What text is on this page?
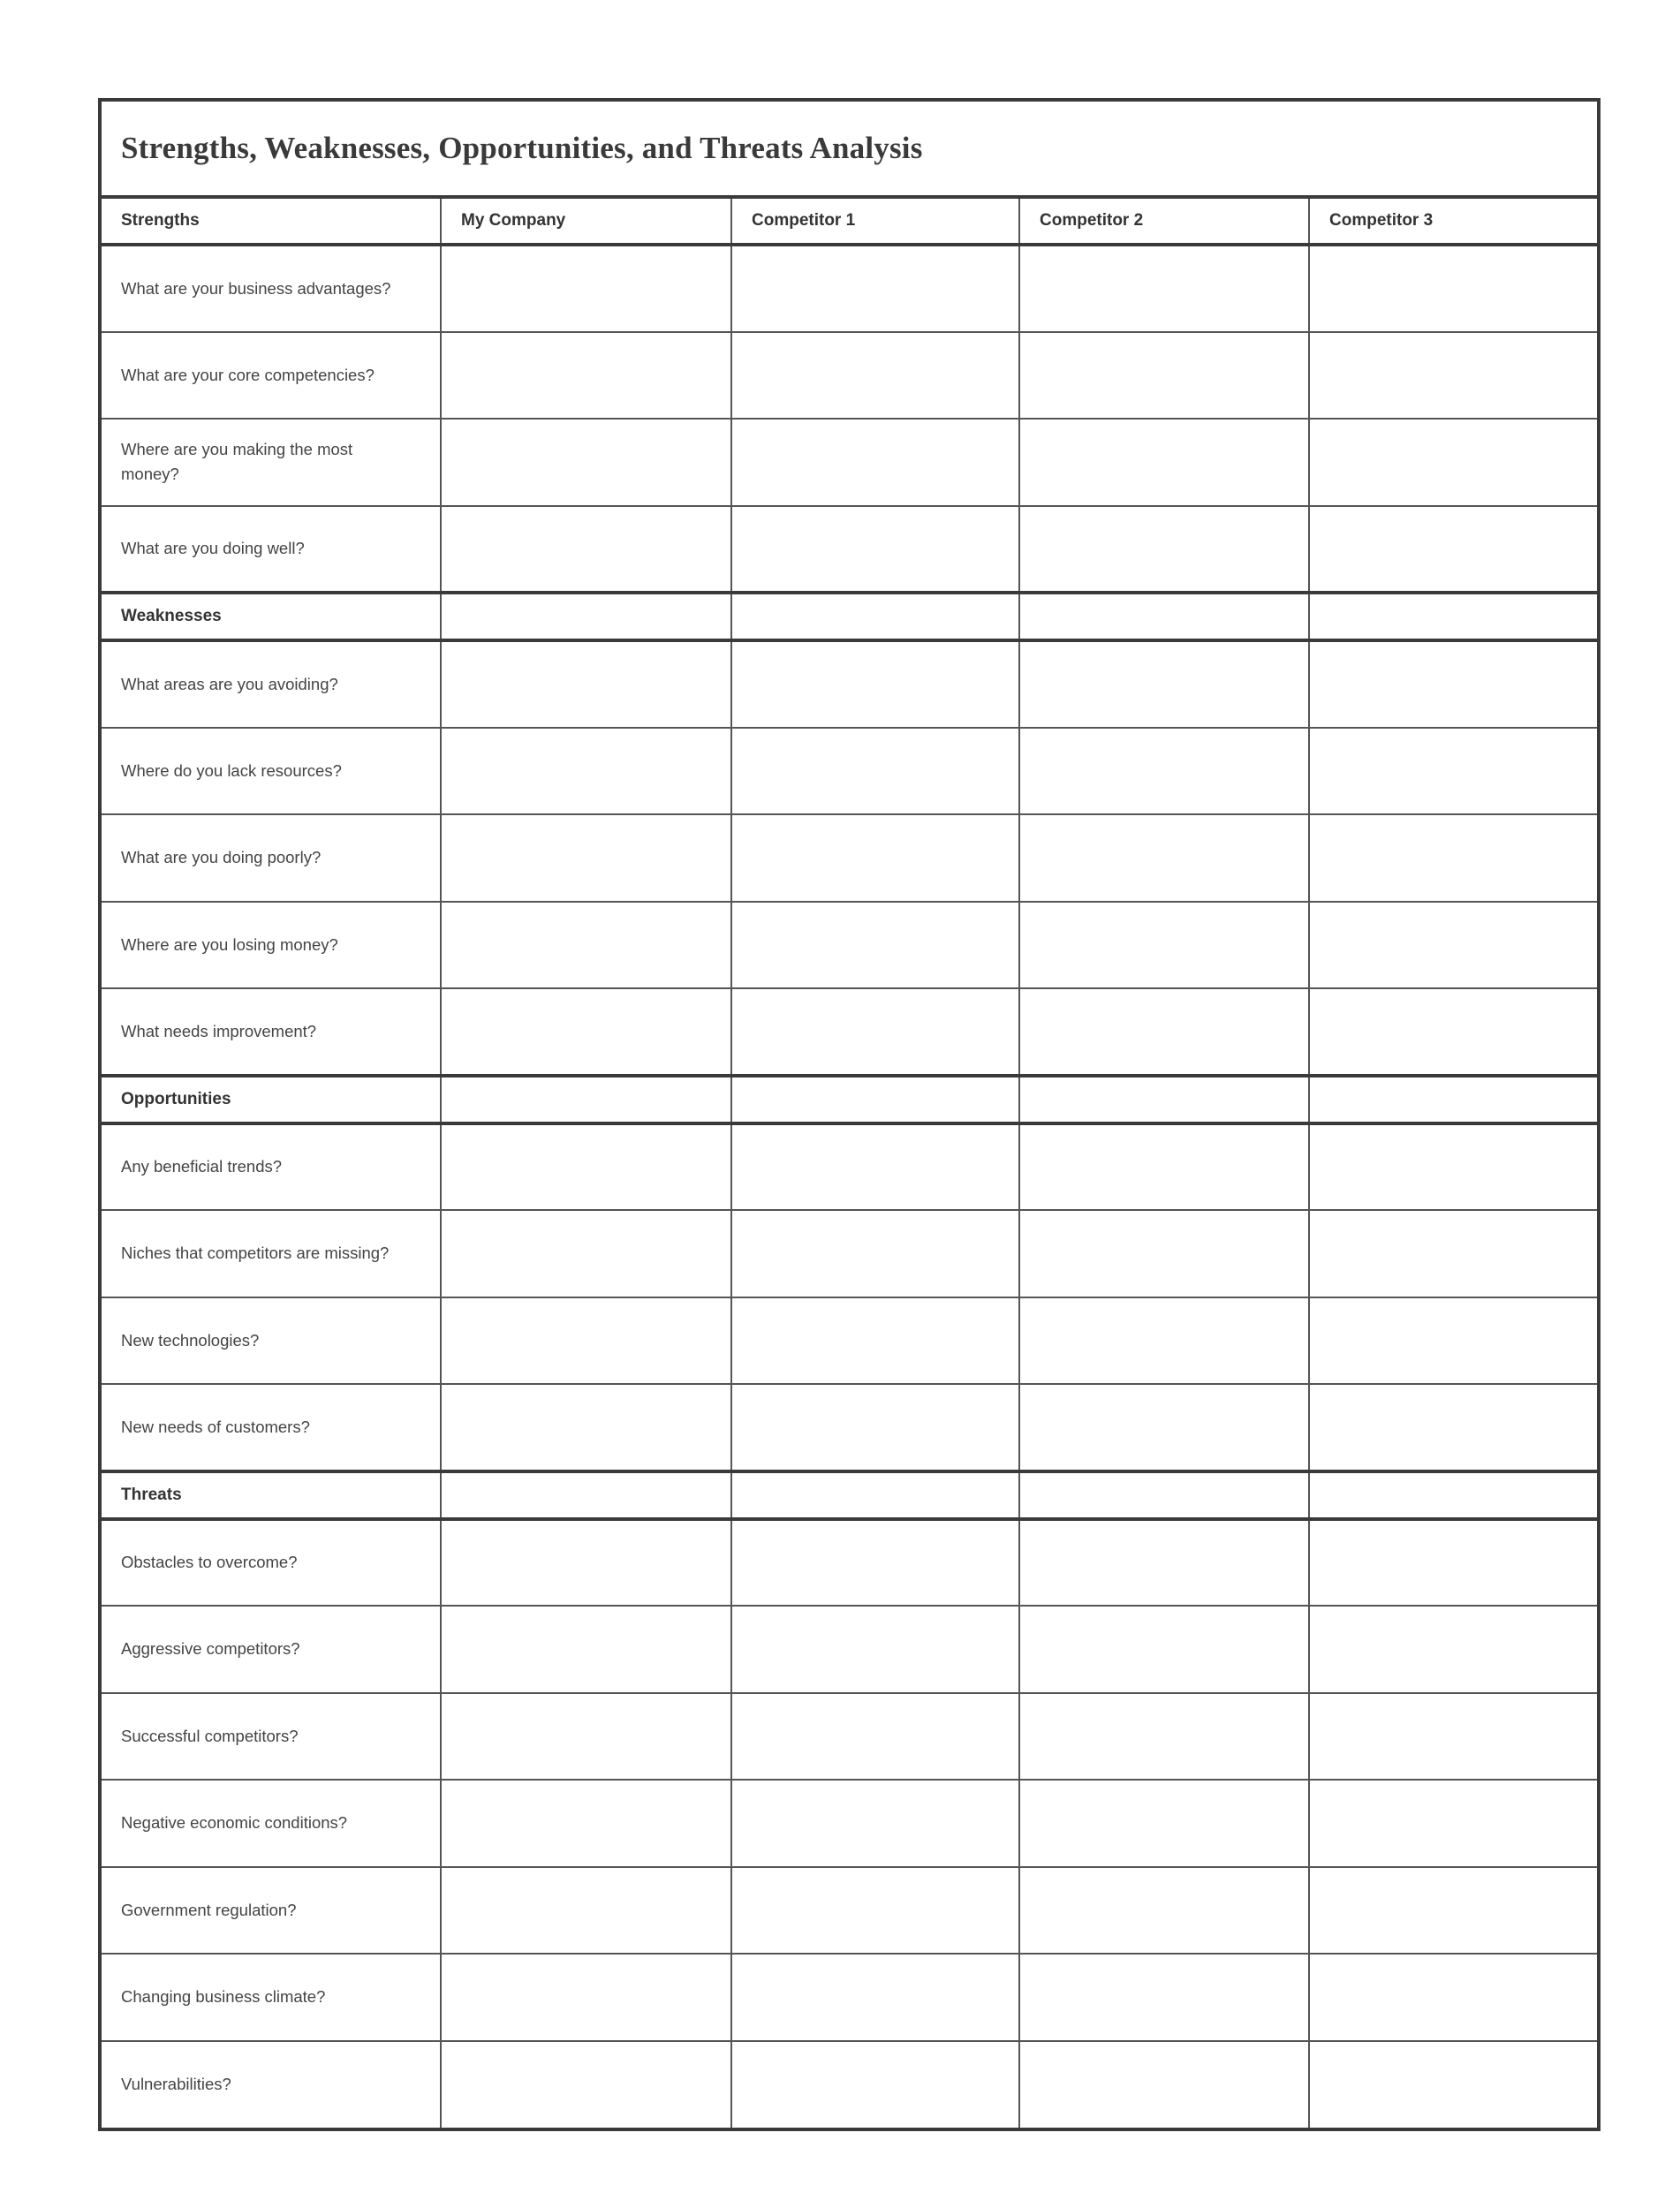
Strengths, Weaknesses, Opportunities, and Threats Analysis				
Strengths	My Company	Competitor 1	Competitor 2	Competitor 3
What are your business advantages?				
What are your core competencies?				
Where are you making the most money?				
What are you doing well?				
Weaknesses				
What areas are you avoiding?				
Where do you lack resources?				
What are you doing poorly?				
Where are you losing money?				
What needs improvement?				
Opportunities				
Any beneficial trends?				
Niches that competitors are missing?				
New technologies?				
New needs of customers?				
Threats				
Obstacles to overcome?				
Aggressive competitors?				
Successful competitors?				
Negative economic conditions?				
Government regulation?				
Changing business climate?				
Vulnerabilities?				
